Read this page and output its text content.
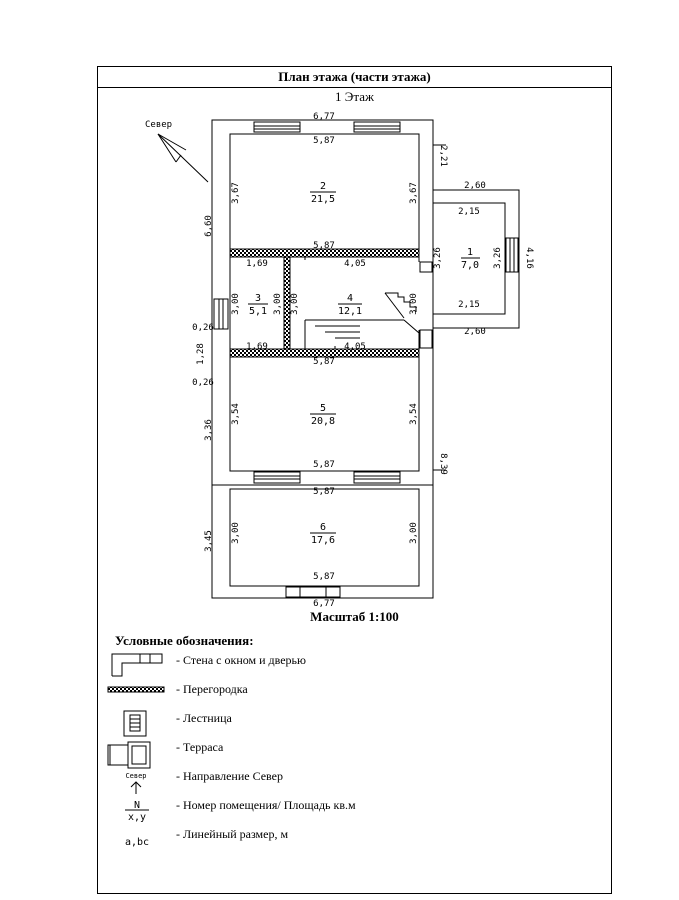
План этажа (части этажа)
1 Этаж
Масштаб 1:100
Условные обозначения:
- Стена с окном и дверью
- Перегородка
- Лестница
- Терраса
- Направление Север
- Номер помещения/ Площадь кв.м
- Линейный размер, м
Север
6,77
5,87
5,87
1,69	4,05
1,69	4,05
5,87
5,87
5,87
5,87
6,77
2,60
2,15
2,15
2,60
0,26
0,26
6,60
1,28
3,36
3,45
2,21
8,39
4,16
3,67	3,67
3,26	3,26
3,00	3,00 3,00	3,00
3,54	3,54
3,00	3,00
2
21,5
1
7,0
3
5,1
4
12,1
5
20,8
6
17,6
Север
N
x,y
a,bc
